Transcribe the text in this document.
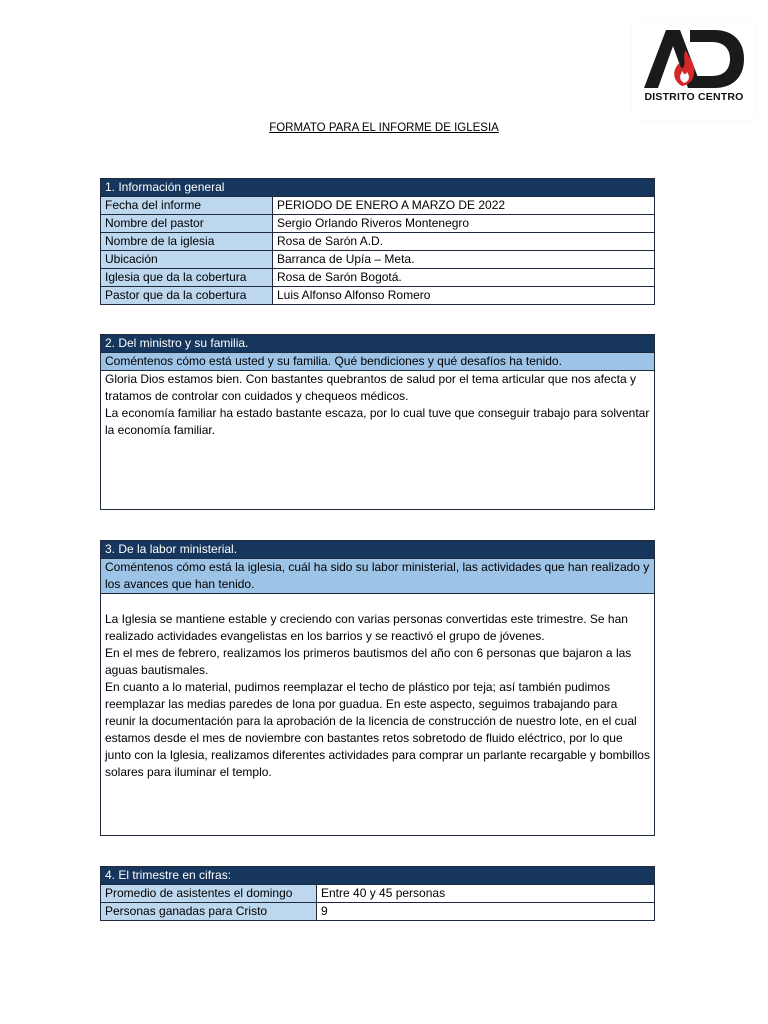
DISTRITO CENTRO
FORMATO PARA EL INFORME DE IGLESIA
1. Información general
Fecha del informe	PERIODO DE ENERO A MARZO DE 2022
Nombre del pastor	Sergio Orlando Riveros Montenegro
Nombre de la iglesia	Rosa de Sarón A.D.
Ubicación	Barranca de Upía – Meta.
Iglesia que da la cobertura	Rosa de Sarón Bogotá.
Pastor que da la cobertura	Luis Alfonso Alfonso Romero
2. Del ministro y su familia.
Coméntenos cómo está usted y su familia. Qué bendiciones y qué desafíos ha tenido.

Gloria Dios estamos bien. Con bastantes quebrantos de salud por el tema articular que nos afecta y tratamos de controlar con cuidados y chequeos médicos.

La economía familiar ha estado bastante escaza, por lo cual tuve que conseguir trabajo para solventar la economía familiar.

3. De la labor ministerial.
Coméntenos cómo está la iglesia, cuál ha sido su labor ministerial, las actividades que han realizado y los avances que han tenido.

La Iglesia se mantiene estable y creciendo con varias personas convertidas este trimestre. Se han realizado actividades evangelistas en los barrios y se reactivó el grupo de jóvenes.

En el mes de febrero, realizamos los primeros bautismos del año con 6 personas que bajaron a las aguas bautismales.

En cuanto a lo material, pudimos reemplazar el techo de plástico por teja; así también pudimos reemplazar las medias paredes de lona por guadua. En este aspecto, seguimos trabajando para reunir la documentación para la aprobación de la licencia de construcción de nuestro lote, en el cual estamos desde el mes de noviembre con bastantes retos sobretodo de fluido eléctrico, por lo que junto con la Iglesia, realizamos diferentes actividades para comprar un parlante recargable y bombillos solares para iluminar el templo.

4. El trimestre en cifras:
Promedio de asistentes el domingo	Entre 40 y 45 personas
Personas ganadas para Cristo	9
